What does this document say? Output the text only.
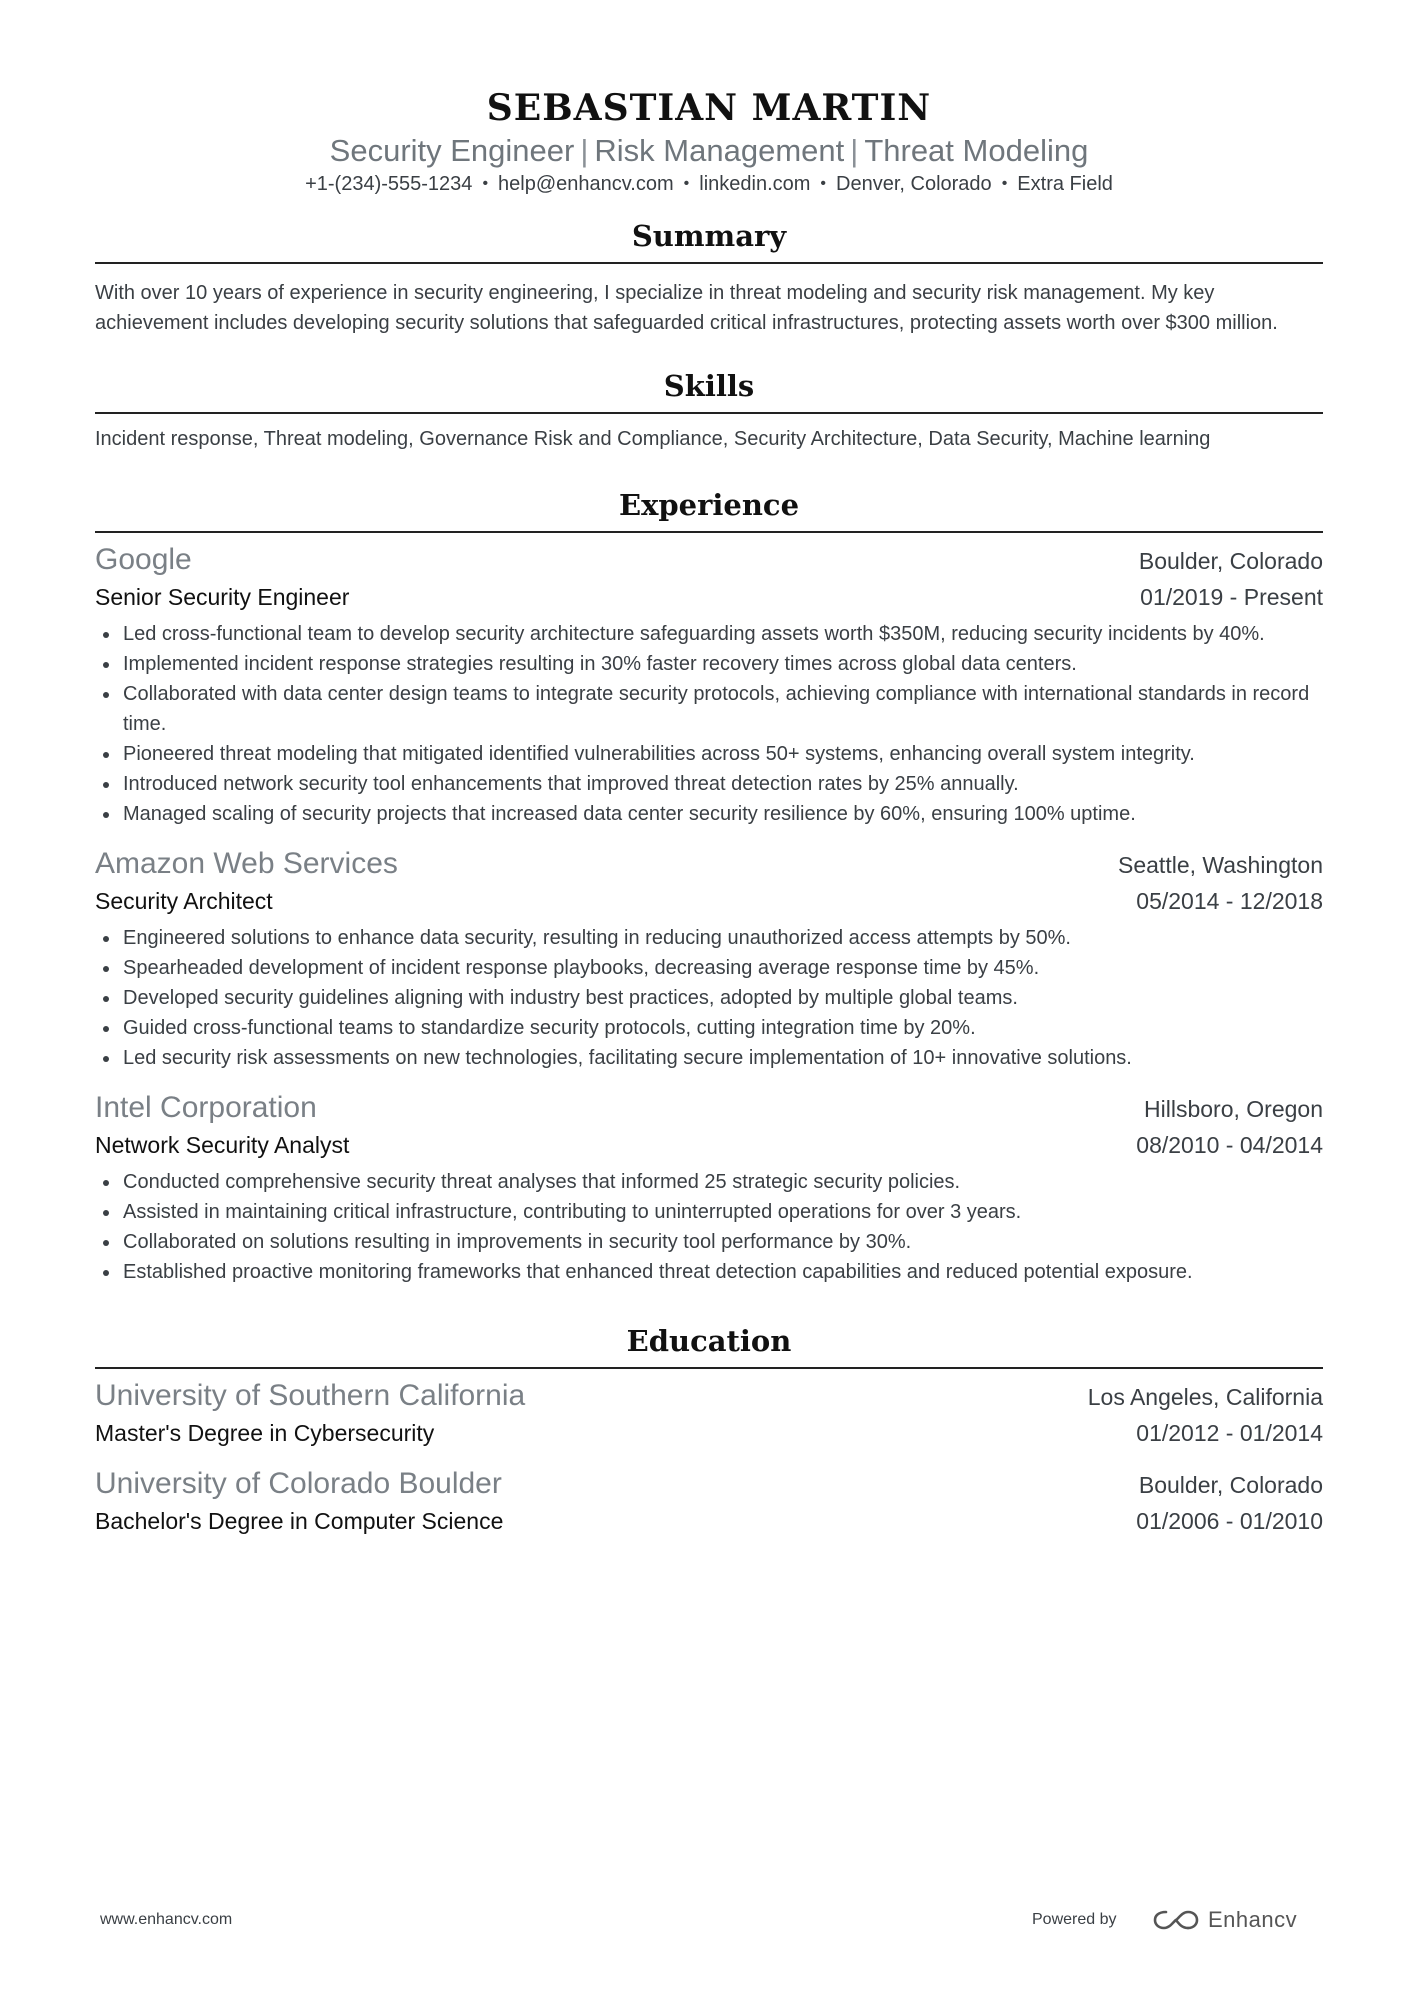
SEBASTIAN MARTIN
Security Engineer | Risk Management | Threat Modeling
+1-(234)-555-1234 • help@enhancv.com • linkedin.com • Denver, Colorado • Extra Field
Summary
With over 10 years of experience in security engineering, I specialize in threat modeling and security risk management. My key achievement includes developing security solutions that safeguarded critical infrastructures, protecting assets worth over $300 million.
Skills
Incident response, Threat modeling, Governance Risk and Compliance, Security Architecture, Data Security, Machine learning
Experience
Google	Boulder, Colorado
Senior Security Engineer	01/2019 - Present
Led cross-functional team to develop security architecture safeguarding assets worth $350M, reducing security incidents by 40%.
Implemented incident response strategies resulting in 30% faster recovery times across global data centers.
Collaborated with data center design teams to integrate security protocols, achieving compliance with international standards in record time.
Pioneered threat modeling that mitigated identified vulnerabilities across 50+ systems, enhancing overall system integrity.
Introduced network security tool enhancements that improved threat detection rates by 25% annually.
Managed scaling of security projects that increased data center security resilience by 60%, ensuring 100% uptime.
Amazon Web Services	Seattle, Washington
Security Architect	05/2014 - 12/2018
Engineered solutions to enhance data security, resulting in reducing unauthorized access attempts by 50%.
Spearheaded development of incident response playbooks, decreasing average response time by 45%.
Developed security guidelines aligning with industry best practices, adopted by multiple global teams.
Guided cross-functional teams to standardize security protocols, cutting integration time by 20%.
Led security risk assessments on new technologies, facilitating secure implementation of 10+ innovative solutions.
Intel Corporation	Hillsboro, Oregon
Network Security Analyst	08/2010 - 04/2014
Conducted comprehensive security threat analyses that informed 25 strategic security policies.
Assisted in maintaining critical infrastructure, contributing to uninterrupted operations for over 3 years.
Collaborated on solutions resulting in improvements in security tool performance by 30%.
Established proactive monitoring frameworks that enhanced threat detection capabilities and reduced potential exposure.
Education
University of Southern California	Los Angeles, California
Master's Degree in Cybersecurity	01/2012 - 01/2014
University of Colorado Boulder	Boulder, Colorado
Bachelor's Degree in Computer Science	01/2006 - 01/2010
www.enhancv.com	Powered by	Enhancv
